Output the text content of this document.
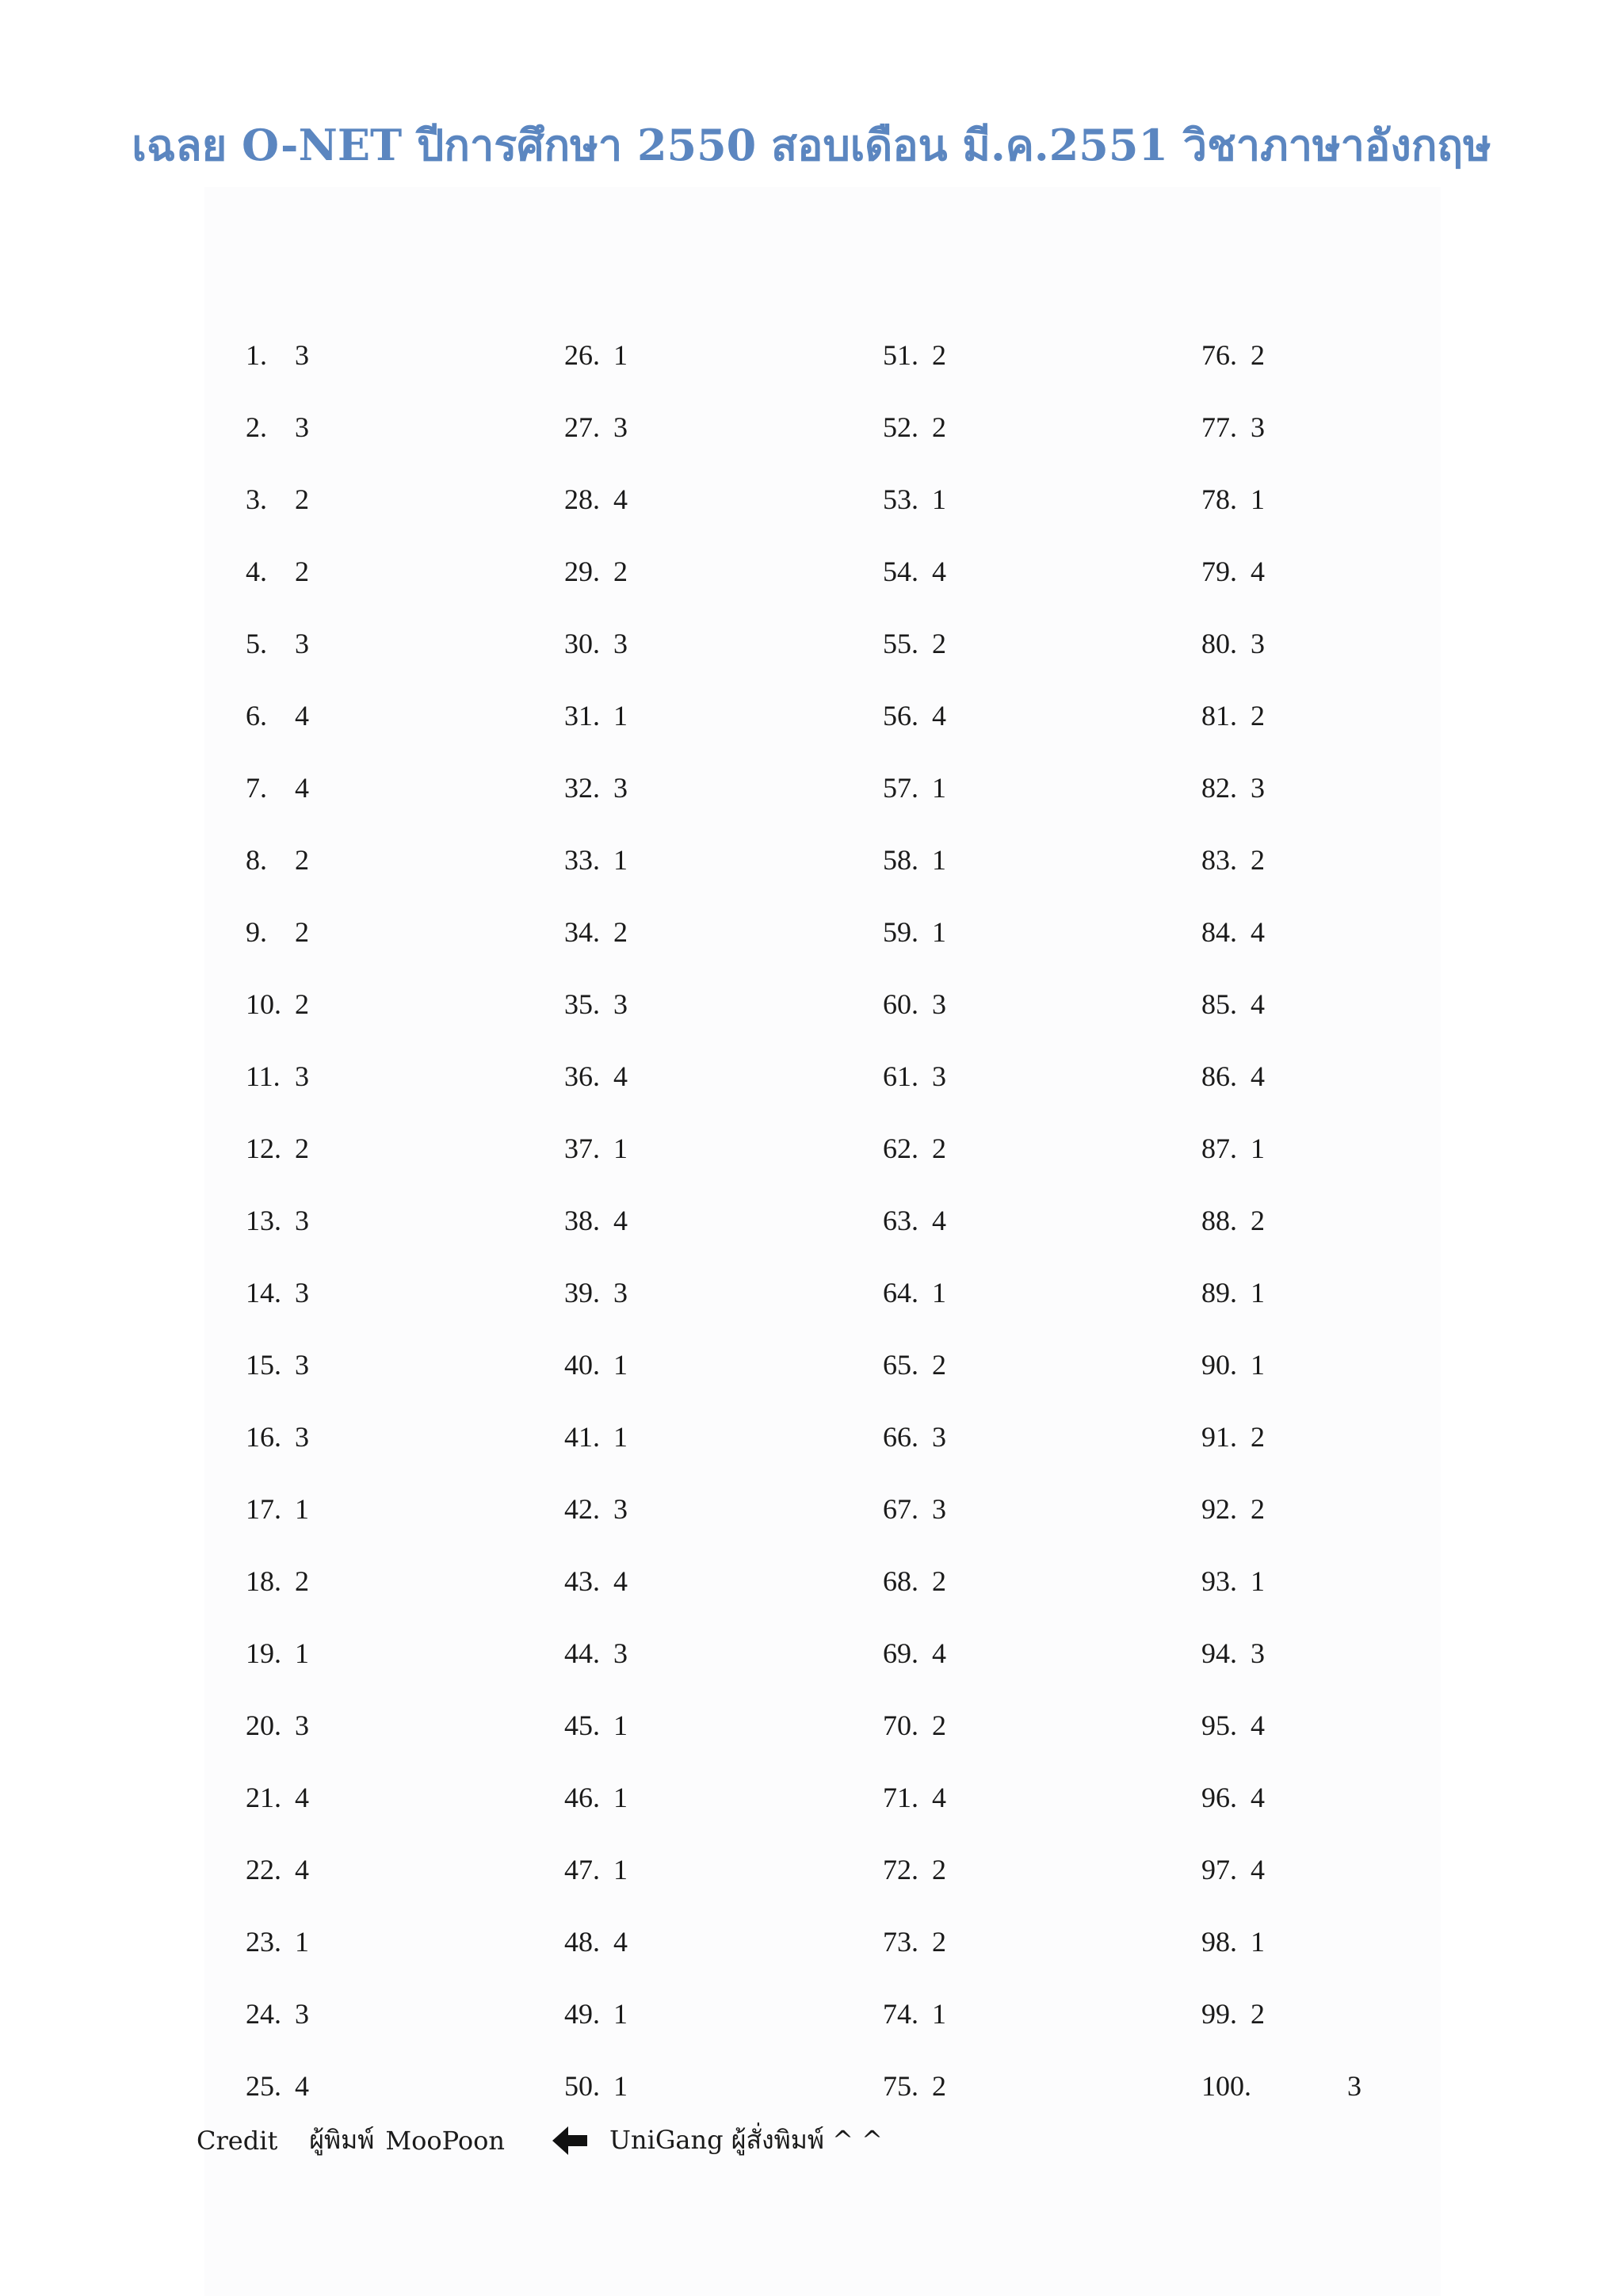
เฉลย O-NET ปีการศึกษา 2550 สอบเดือน มี.ค.2551 วิชาภาษาอังกฤษ
1. 3
2. 3
3. 2
4. 2
5. 3
6. 4
7. 4
8. 2
9. 2
10. 2
11. 3
12. 2
13. 3
14. 3
15. 3
16. 3
17. 1
18. 2
19. 1
20. 3
21. 4
22. 4
23. 1
24. 3
25. 4
26. 1
27. 3
28. 4
29. 2
30. 3
31. 1
32. 3
33. 1
34. 2
35. 3
36. 4
37. 1
38. 4
39. 3
40. 1
41. 1
42. 3
43. 4
44. 3
45. 1
46. 1
47. 1
48. 4
49. 1
50. 1
51. 2
52. 2
53. 1
54. 4
55. 2
56. 4
57. 1
58. 1
59. 1
60. 3
61. 3
62. 2
63. 4
64. 1
65. 2
66. 3
67. 3
68. 2
69. 4
70. 2
71. 4
72. 2
73. 2
74. 1
75. 2
76. 2
77. 3
78. 1
79. 4
80. 3
81. 2
82. 3
83. 2
84. 4
85. 4
86. 4
87. 1
88. 2
89. 1
90. 1
91. 2
92. 2
93. 1
94. 3
95. 4
96. 4
97. 4
98. 1
99. 2
100.	3
Credit ผู้พิมพ์ MooPoon	UniGang ผู้สั่งพิมพ์ ^ ^
